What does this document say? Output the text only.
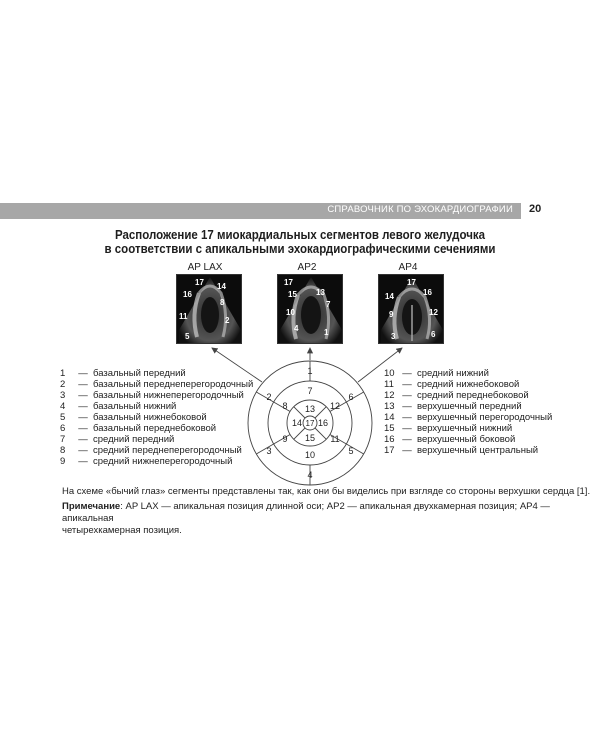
СПРАВОЧНИК ПО ЭХОКАРДИОГРАФИИ 20
Расположение 17 миокардиальных сегментов левого желудочка
в соответствии с апикальными эхокардиографическими сечениями
AP LAX
17 14
16
8
11	2
5
AP2
17
15 13
10
7
4	1
AP4
17
14	16
9	12
3	6
1	— базальный передний
2	— базальный переднеперегородочный
3	— базальный нижнеперегородочный
4	— базальный нижний
5	— базальный нижнебоковой
6	— базальный переднебоковой
7	— средний передний
8	— средний переднеперегородочный
9	— средний нижнеперегородочный
10 — средний нижний
11 — средний нижнебоковой
12 — средний переднебоковой
13 — верхушечный передний
14 — верхушечный перегородочный
15 — верхушечный нижний
16 — верхушечный боковой
17 — верхушечный центральный
1
6
5
4
3
2
7
12
11
10
9
8 13
16
15
14 17
На схеме «бычий глаз» сегменты представлены так, как они бы виделись при взгляде со стороны верхушки сердца [1].
Примечание: AP LAX — апикальная позиция длинной оси; AP2 — апикальная двухкамерная позиция; AP4 — апикальная
четырехкамерная позиция.
